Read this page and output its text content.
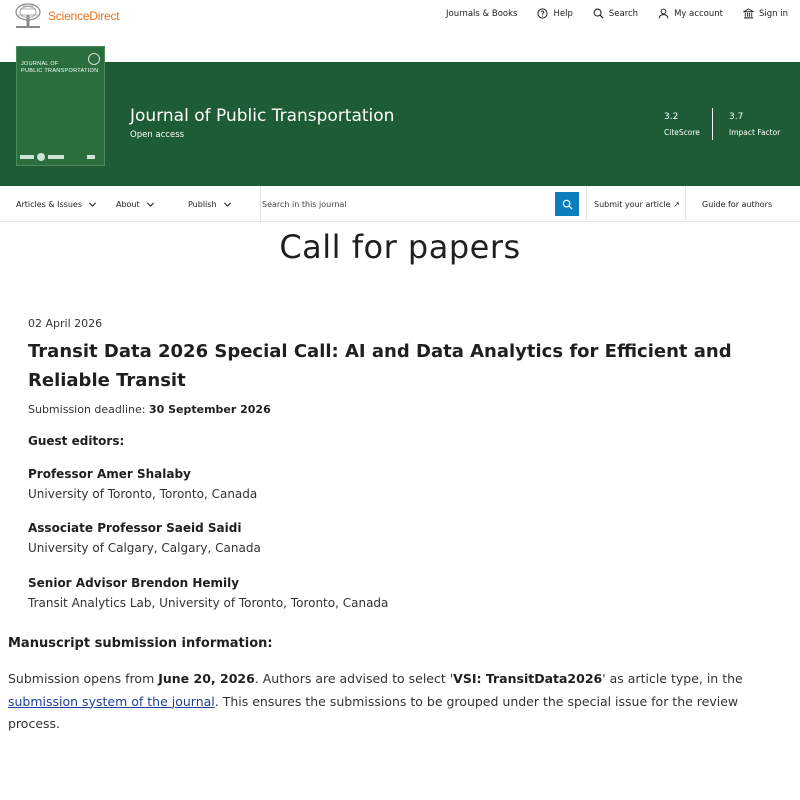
ScienceDirect	Journals & Books	Help	Search	My account	Sign in
Journal of Public Transportation
Open access
3.2
CiteScore
3.7
Impact Factor
JOURNAL OF
PUBLIC TRANSPORTATION
Articles & Issues	About	Publish
Search in this journal	Submit your article ↗	Guide for authors
Call for papers
02 April 2026
Transit Data 2026 Special Call: AI and Data Analytics for Efficient and Reliable Transit
Submission deadline: 30 September 2026
Guest editors:
Professor Amer Shalaby
University of Toronto, Toronto, Canada
Associate Professor Saeid Saidi
University of Calgary, Calgary, Canada
Senior Advisor Brendon Hemily
Transit Analytics Lab, University of Toronto, Toronto, Canada
Manuscript submission information:
Submission opens from June 20, 2026. Authors are advised to select 'VSI: TransitData2026' as article type, in the submission system of the journal. This ensures the submissions to be grouped under the special issue for the review process.
